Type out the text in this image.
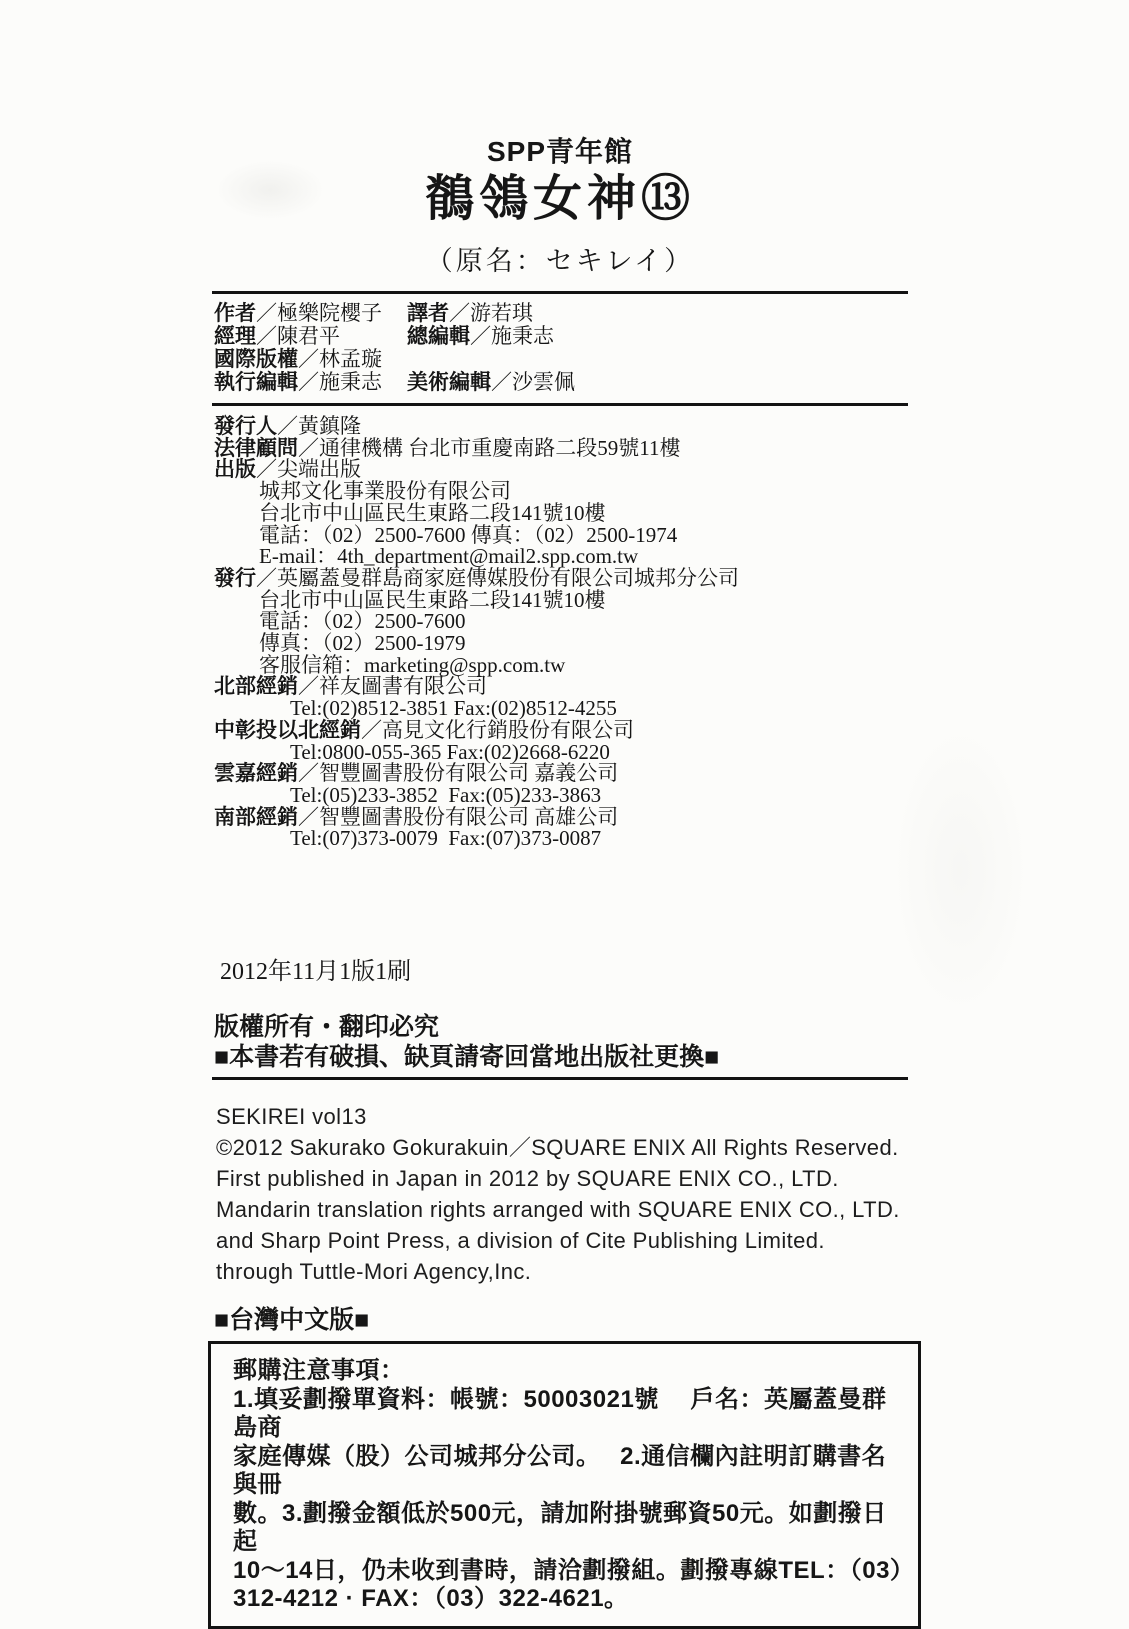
SPP青年館
鶺鴒女神⑬
（原名：セキレイ）
作者／極樂院櫻子	譯者／游若琪
經理／陳君平	總編輯／施秉志
國際版權／林孟璇
執行編輯／施秉志	美術編輯／沙雲佩
發行人／黃鎮隆
法律顧問／通律機構 台北市重慶南路二段59號11樓
出版／尖端出版
城邦文化事業股份有限公司
台北市中山區民生東路二段141號10樓
電話：（02）2500-7600 傳真：（02）2500-1974
E-mail：4th_department@mail2.spp.com.tw
發行／英屬蓋曼群島商家庭傳媒股份有限公司城邦分公司
台北市中山區民生東路二段141號10樓
電話：（02）2500-7600
傳真：（02）2500-1979
客服信箱：marketing@spp.com.tw
北部經銷／祥友圖書有限公司
Tel:(02)8512-3851 Fax:(02)8512-4255
中彰投以北經銷／高見文化行銷股份有限公司
Tel:0800-055-365 Fax:(02)2668-6220
雲嘉經銷／智豐圖書股份有限公司 嘉義公司
Tel:(05)233-3852  Fax:(05)233-3863
南部經銷／智豐圖書股份有限公司 高雄公司
Tel:(07)373-0079  Fax:(07)373-0087
2012年11月1版1刷
版權所有・翻印必究
■本書若有破損、缺頁請寄回當地出版社更換■
SEKIREI vol13
©2012 Sakurako Gokurakuin／SQUARE ENIX All Rights Reserved.
First published in Japan in 2012 by SQUARE ENIX CO., LTD.
Mandarin translation rights arranged with SQUARE ENIX CO., LTD.
and Sharp Point Press, a division of Cite Publishing Limited.
through Tuttle-Mori Agency,Inc.
■台灣中文版■
郵購注意事項：
1.填妥劃撥單資料：帳號：50003021號　 戶名：英屬蓋曼群島商
家庭傳媒（股）公司城邦分公司。　 2.通信欄內註明訂購書名與冊
數。3.劃撥金額低於500元，請加附掛號郵資50元。如劃撥日起
10～14日，仍未收到書時，請洽劃撥組。劃撥專線TEL：（03）
312-4212 · FAX：（03）322-4621。
